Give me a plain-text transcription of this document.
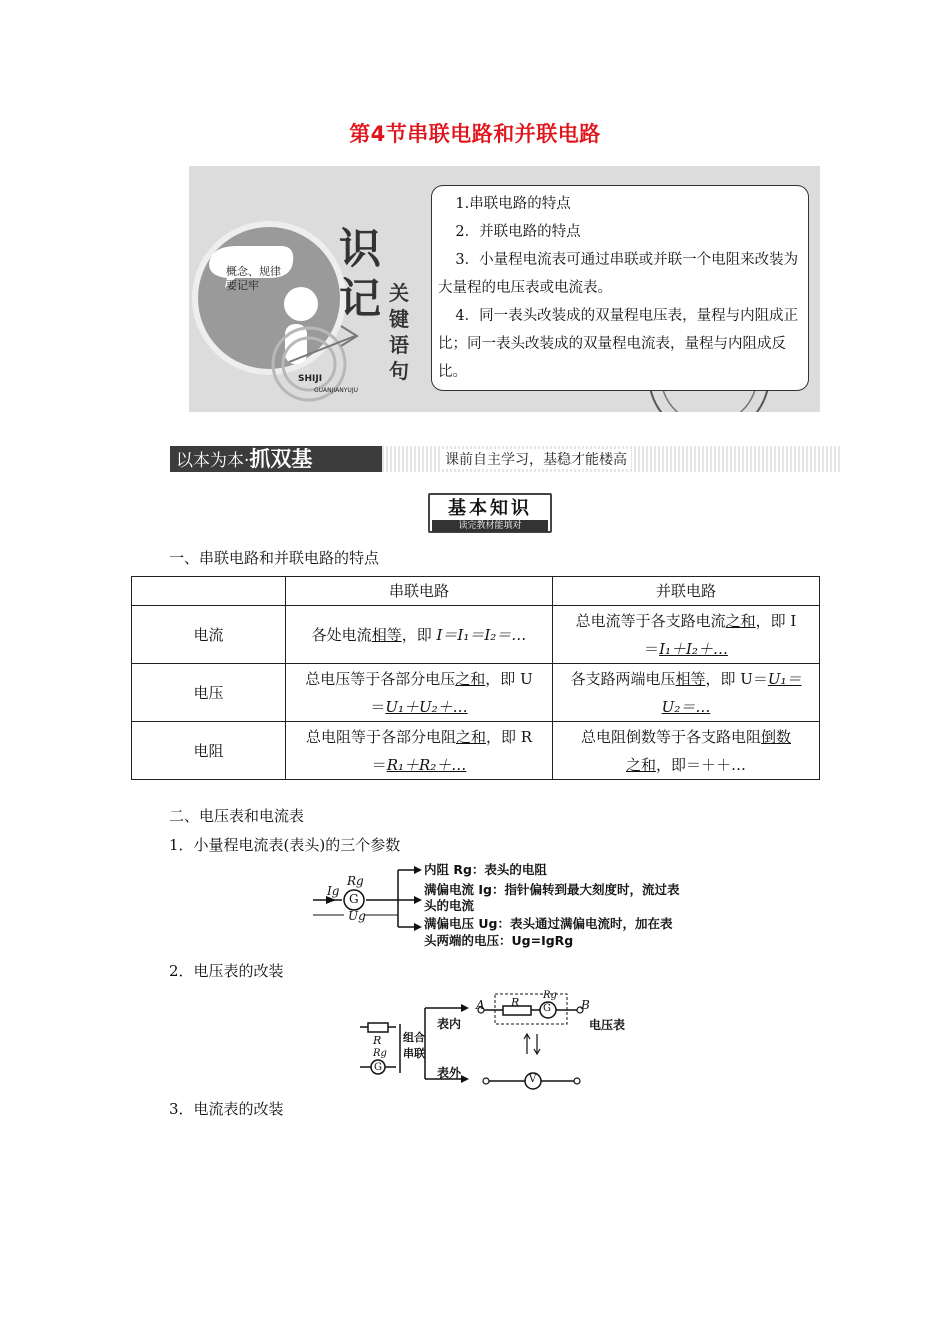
第4节串联电路和并联电路
概念、规律
要记牢
识
记 关
键
语
句
SHIJI
GUANJIANYUJU

1.串联电路的特点

2．并联电路的特点

3．小量程电流表可通过串联或并联一个电阻来改装为大量程的电压表或电流表。

4．同一表头改装成的双量程电压表，量程与内阻成正比；同一表头改装成的双量程电流表，量程与内阻成反比。

以本为本·抓双基	课前自主学习，基稳才能楼高
基本知识
读完教材能填对
一、串联电路和并联电路的特点
	串联电路	并联电路
电流	各处电流相等，即 I＝I₁＝I₂＝…	总电流等于各支路电流之和，即 I
＝I₁＋I₂＋…
电压	总电压等于各部分电压之和，即 U
＝U₁＋U₂＋…	各支路两端电压相等，即 U＝U₁＝
U₂＝…
电阻	总电阻等于各部分电阻之和，即 R
＝R₁＋R₂＋…	总电阻倒数等于各支路电阻倒数
之和，即＝＋＋…
二、电压表和电流表
1．小量程电流表(表头)的三个参数
Ig
Rg
G
Ug
内阻 Rg：表头的电阻
满偏电流 Ig：指针偏转到最大刻度时，流过表
头的电流
满偏电压 Ug：表头通过满偏电流时，加在表
头两端的电压：Ug=IgRg
2．电压表的改装
R
Rg
G
组合
串联
表内
表外
A	B
R
Rg
G
V
电压表
3．电流表的改装
